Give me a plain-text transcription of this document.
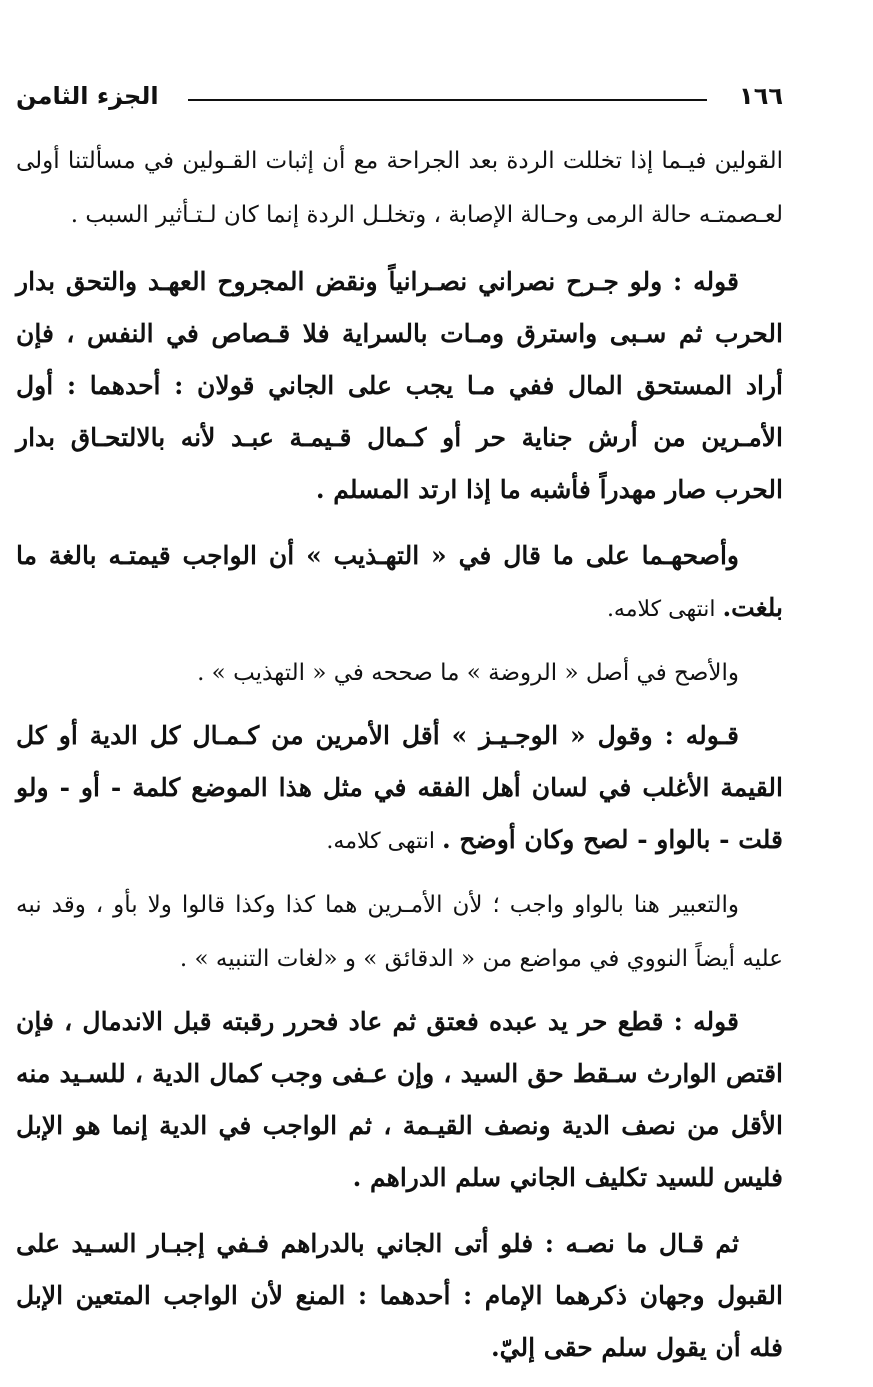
١٦٦
الجزء الثامن

القولين فيـما إذا تخللت الردة بعد الجراحة مع أن إثبات القـولين في مسألتنا أولى لعـصمتـه حالة الرمى وحـالة الإصابة ، وتخلـل الردة إنما كان لـتـأثير السبب .

قوله : ولو جـرح نصراني نصـرانياً ونقض المجروح العهـد والتحق بدار الحرب ثم سـبى واسترق ومـات بالسراية فلا قـصاص في النفس ، فإن أراد المستحق المال ففي مـا يجب على الجاني قولان : أحدهما : أول الأمـرين من أرش جناية حر أو كـمال قـيمـة عبـد لأنه بالالتحـاق بدار الحرب صار مهدراً فأشبه ما إذا ارتد المسلم .

وأصحهـما على ما قال في « التهـذيب » أن الواجب قيمتـه بالغة ما بلغت. انتهى كلامه.

والأصح في أصل « الروضة » ما صححه في « التهذيب » .

قـوله : وقول « الوجـيـز » أقل الأمرين من كـمـال كل الدية أو كل القيمة الأغلب في لسان أهل الفقه في مثل هذا الموضع كلمة - أو - ولو قلت - بالواو - لصح وكان أوضح . انتهى كلامه.

والتعبير هنا بالواو واجب ؛ لأن الأمـرين هما كذا وكذا قالوا ولا بأو ، وقد نبه عليه أيضاً النووي في مواضع من « الدقائق » و «لغات التنبيه » .

قوله : قطع حر يد عبده فعتق ثم عاد فحرر رقبته قبل الاندمال ، فإن اقتص الوارث سـقط حق السيد ، وإن عـفى وجب كمال الدية ، للسـيد منه الأقل من نصف الدية ونصف القيـمة ، ثم الواجب في الدية إنما هو الإبل فليس للسيد تكليف الجاني سلم الدراهم .

ثم قـال ما نصـه : فلو أتى الجاني بالدراهم فـفي إجبـار السـيد على القبول وجهان ذكرهما الإمام : أحدهما : المنع لأن الواجب المتعين الإبل فله أن يقول سلم حقى إليّ.
